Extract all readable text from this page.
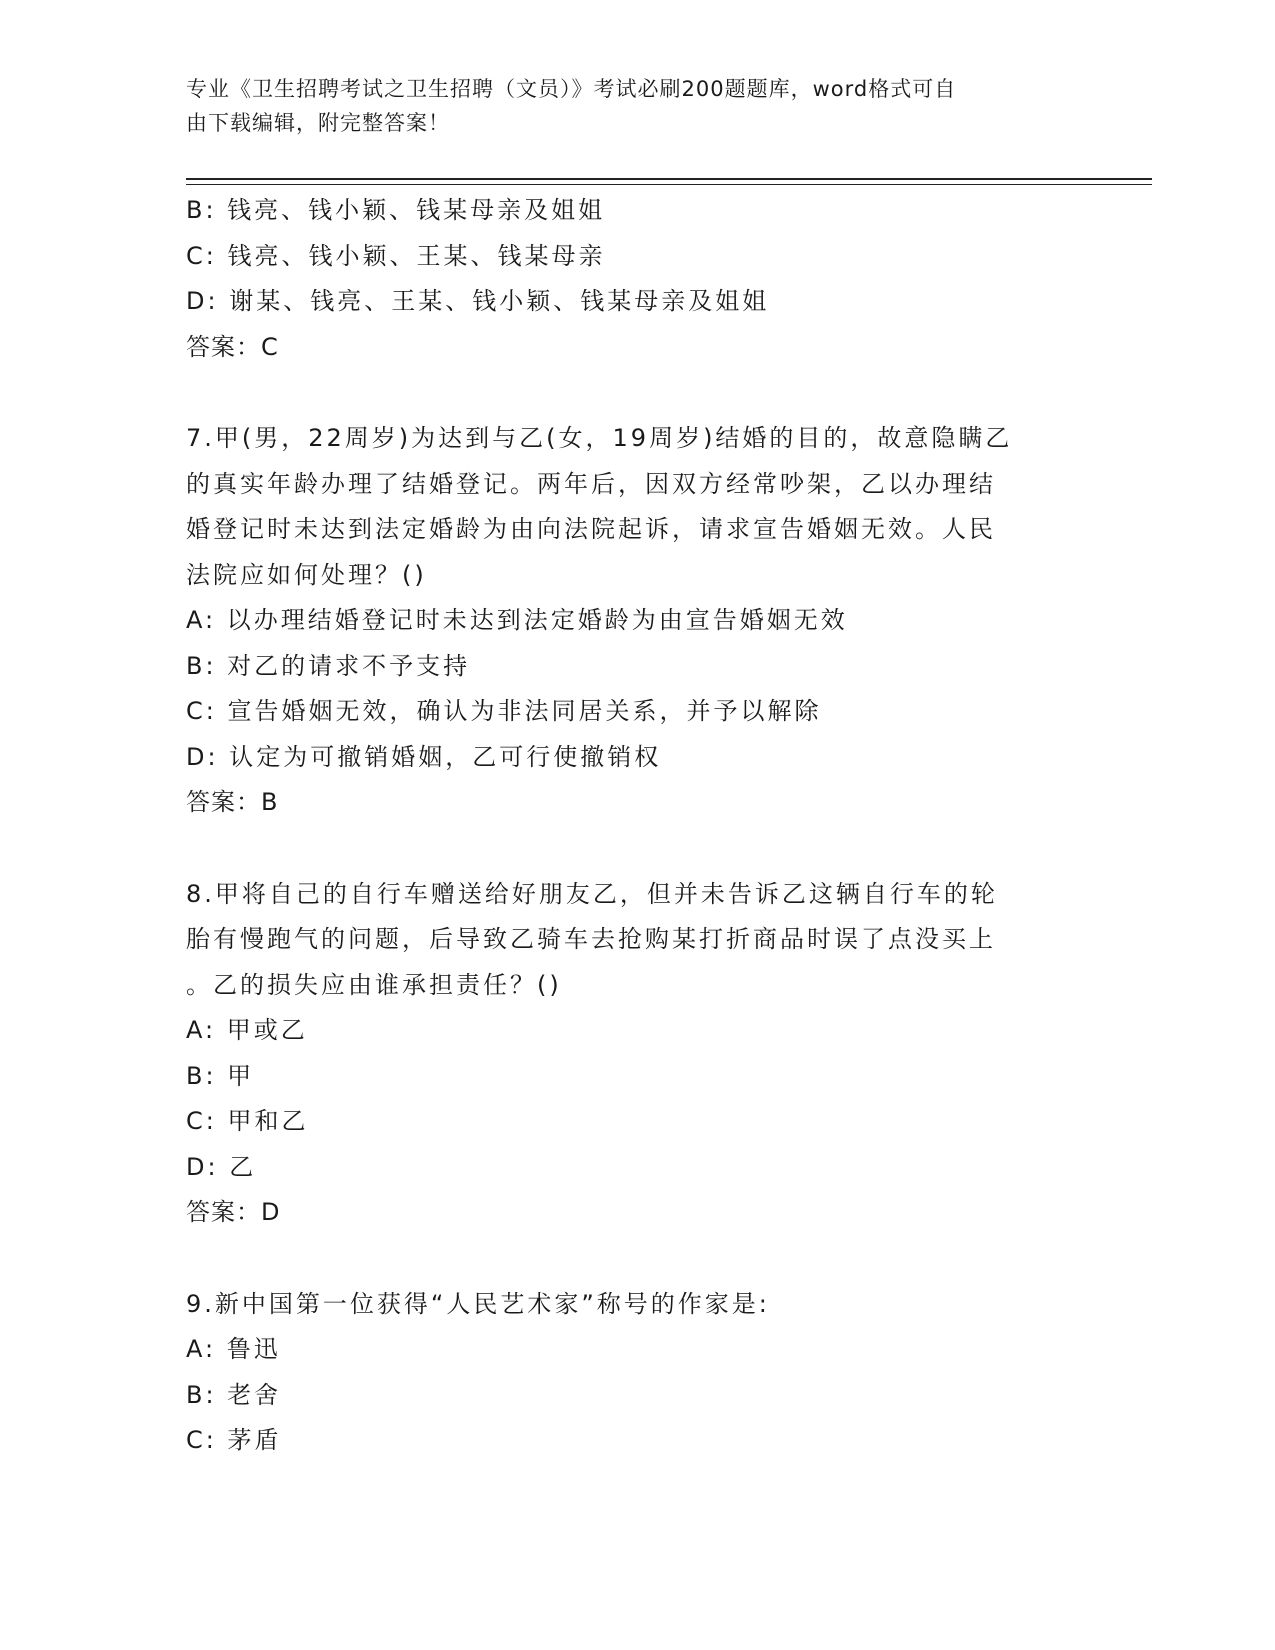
专业《卫生招聘考试之卫生招聘（文员）》考试必刷200题题库，word格式可自
由下载编辑，附完整答案！
B: 钱亮、钱小颖、钱某母亲及姐姐
C: 钱亮、钱小颖、王某、钱某母亲
D: 谢某、钱亮、王某、钱小颖、钱某母亲及姐姐
答案：C
7.甲(男，22周岁)为达到与乙(女，19周岁)结婚的目的，故意隐瞒乙
的真实年龄办理了结婚登记。两年后，因双方经常吵架，乙以办理结
婚登记时未达到法定婚龄为由向法院起诉，请求宣告婚姻无效。人民
法院应如何处理？()
A: 以办理结婚登记时未达到法定婚龄为由宣告婚姻无效
B: 对乙的请求不予支持
C: 宣告婚姻无效，确认为非法同居关系，并予以解除
D: 认定为可撤销婚姻，乙可行使撤销权
答案：B
8.甲将自己的自行车赠送给好朋友乙，但并未告诉乙这辆自行车的轮
胎有慢跑气的问题，后导致乙骑车去抢购某打折商品时误了点没买上
。乙的损失应由谁承担责任？()
A: 甲或乙
B: 甲
C: 甲和乙
D: 乙
答案：D
9.新中国第一位获得“人民艺术家”称号的作家是:
A: 鲁迅
B: 老舍
C: 茅盾
